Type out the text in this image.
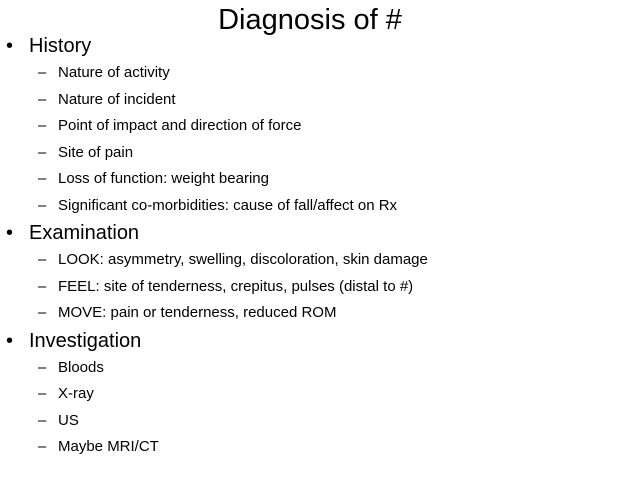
Diagnosis of #
• History
– Nature of activity
– Nature of incident
– Point of impact and direction of force
– Site of pain
– Loss of function: weight bearing
– Significant co-morbidities: cause of fall/affect on Rx
• Examination
– LOOK: asymmetry, swelling, discoloration, skin damage
– FEEL: site of tenderness, crepitus, pulses (distal to #)
– MOVE: pain or tenderness, reduced ROM
• Investigation
– Bloods
– X-ray
– US
– Maybe MRI/CT
